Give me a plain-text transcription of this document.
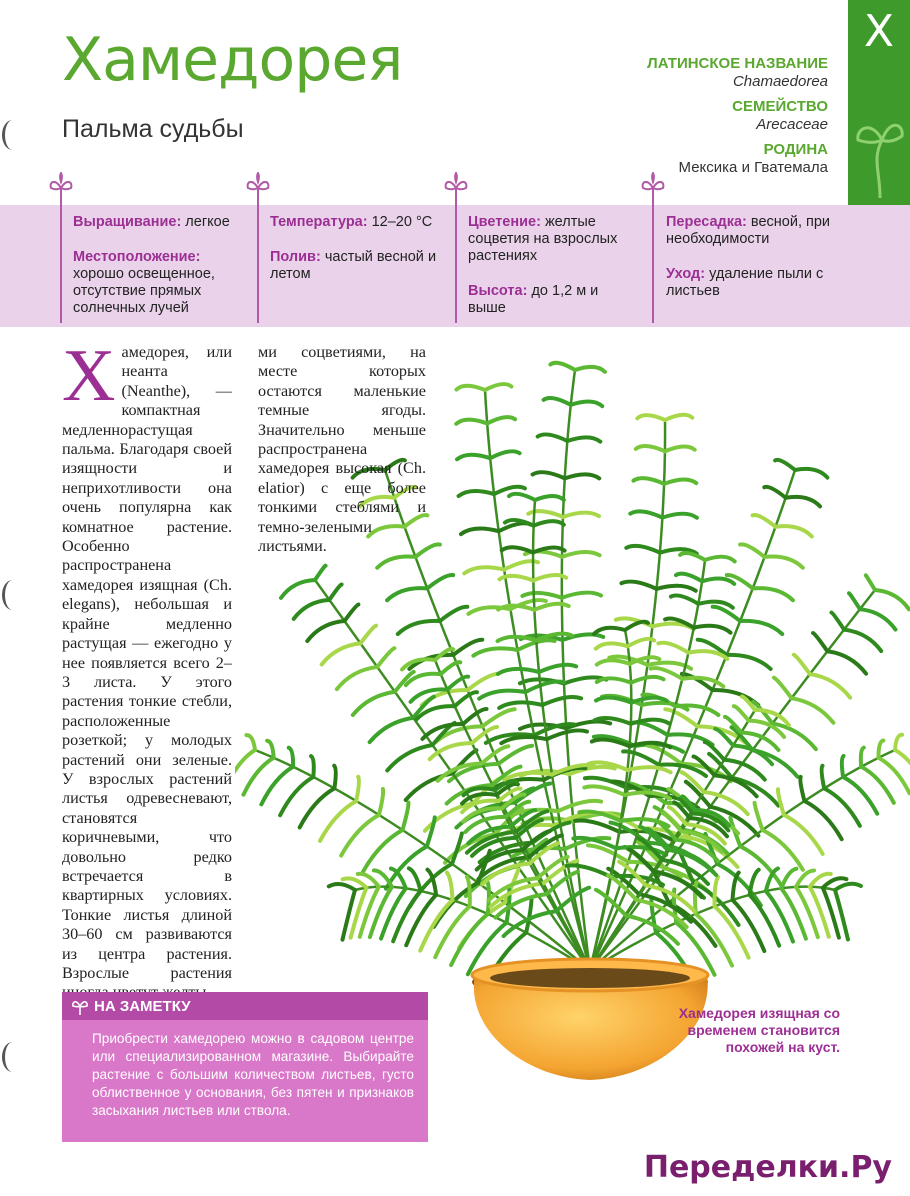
Хамедорея
Пальма судьбы
Х
ЛАТИНСКОЕ НАЗВАНИЕ
Chamaedorea
СЕМЕЙСТВО
Arecaceae
РОДИНА
Мексика и Гватемала

Выращивание: легкое

Местоположение:
хорошо освещенное, отсутствие прямых солнечных лучей

Температура: 12–20 °С

Полив: частый весной и летом

Цветение: желтые соцветия на взрослых растениях

Высота: до 1,2 м и выше

Пересадка: весной, при необходимости

Уход: удаление пыли с листьев

Хамедорея изящная со временем становится похожей на куст.
Хамедорея, или неанта (Neanthe), — компактная медленнорастущая пальма. Благодаря своей изящности и неприхотливости она очень популярна как комнатное растение. Особенно распространена хамедорея изящная (Ch. elegans), небольшая и крайне медленно растущая — ежегодно у нее появляется всего 2–3 листа. У этого растения тонкие стебли, расположенные розеткой; у молодых растений они зеленые. У взрослых растений листья одревесневают, становятся коричневыми, что довольно редко встречается в квартирных условиях. Тонкие листья длиной 30–60 см развиваются из центра растения. Взрослые растения
ми соцветиями, на месте которых остаются маленькие темные ягоды. Значительно меньше распространена хамедорея высокая (Ch. elatior) с еще более тонкими стеблями и темно-зелеными листьями.
НА ЗАМЕТКУ
Приобрести хамедорею можно в садовом центре или специализированном магазине. Выбирайте растение с большим количеством листьев, густо облиственное у основания, без пятен и признаков засыхания листьев или ствола.
Переделки.Ру
